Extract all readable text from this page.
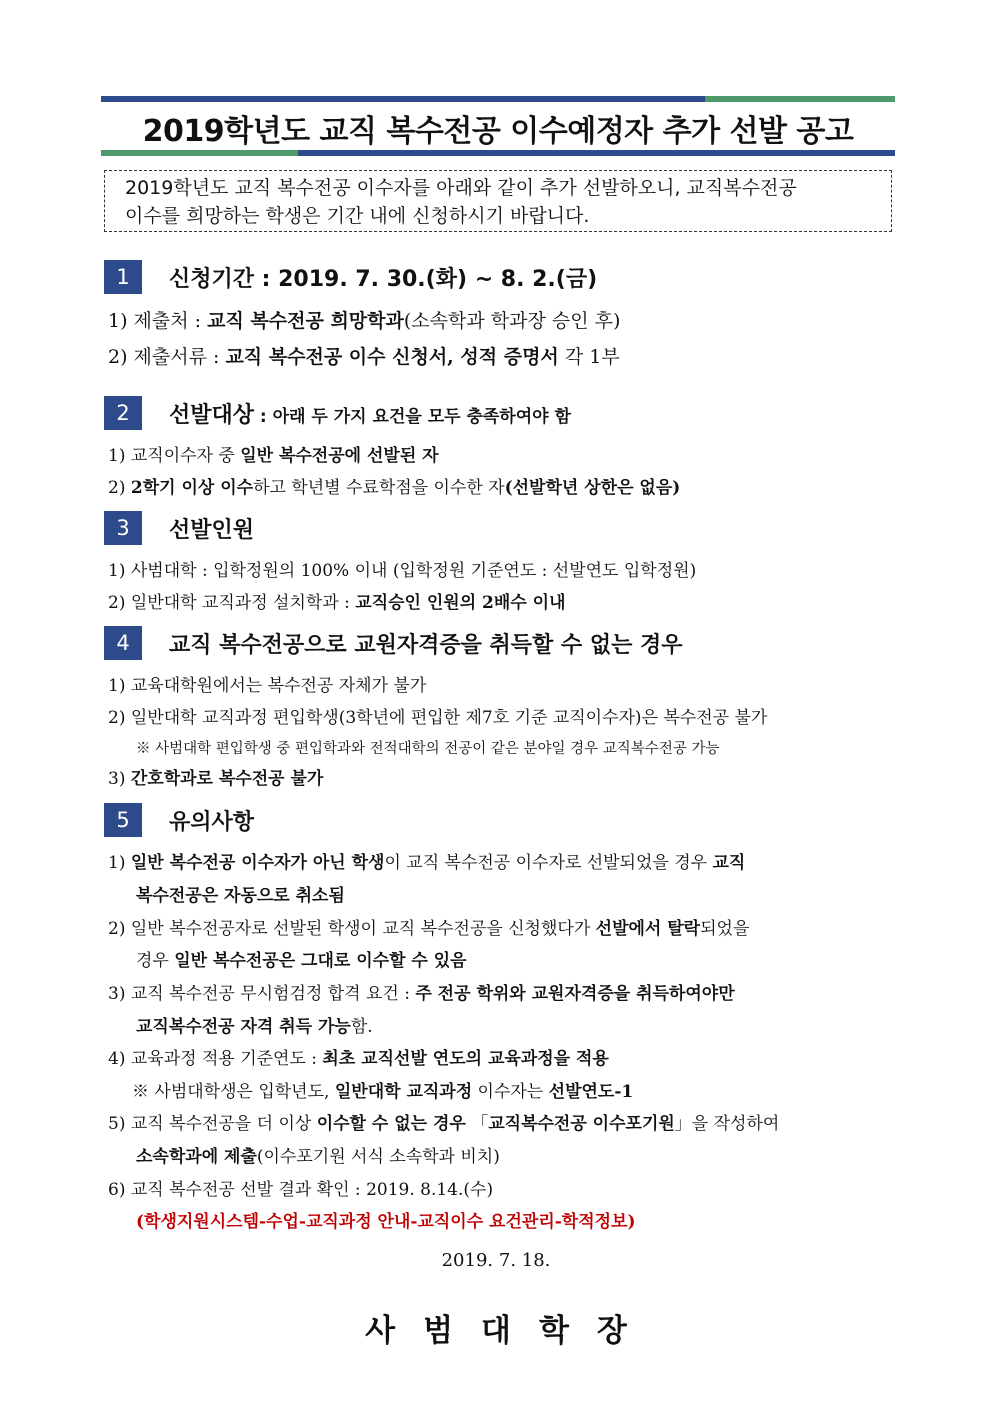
2019학년도 교직 복수전공 이수예정자 추가 선발 공고
2019학년도 교직 복수전공 이수자를 아래와 같이 추가 선발하오니, 교직복수전공
이수를 희망하는 학생은 기간 내에 신청하시기 바랍니다.
1	신청기간 : 2019. 7. 30.(화) ~ 8. 2.(금)
1) 제출처 : 교직 복수전공 희망학과(소속학과 학과장 승인 후)
2) 제출서류 : 교직 복수전공 이수 신청서, 성적 증명서 각 1부
2	선발대상 : 아래 두 가지 요건을 모두 충족하여야 함
1) 교직이수자 중 일반 복수전공에 선발된 자
2) 2학기 이상 이수하고 학년별 수료학점을 이수한 자(선발학년 상한은 없음)
3	선발인원
1) 사범대학 : 입학정원의 100% 이내 (입학정원 기준연도 : 선발연도 입학정원)
2) 일반대학 교직과정 설치학과 : 교직승인 인원의 2배수 이내
4	교직 복수전공으로 교원자격증을 취득할 수 없는 경우
1) 교육대학원에서는 복수전공 자체가 불가
2) 일반대학 교직과정 편입학생(3학년에 편입한 제7호 기준 교직이수자)은 복수전공 불가
※ 사범대학 편입학생 중 편입학과와 전적대학의 전공이 같은 분야일 경우 교직복수전공 가능
3) 간호학과로 복수전공 불가
5	유의사항
1) 일반 복수전공 이수자가 아닌 학생이 교직 복수전공 이수자로 선발되었을 경우 교직
복수전공은 자동으로 취소됨
2) 일반 복수전공자로 선발된 학생이 교직 복수전공을 신청했다가 선발에서 탈락되었을
경우 일반 복수전공은 그대로 이수할 수 있음
3) 교직 복수전공 무시험검정 합격 요건 : 주 전공 학위와 교원자격증을 취득하여야만
교직복수전공 자격 취득 가능함.
4) 교육과정 적용 기준연도 : 최초 교직선발 연도의 교육과정을 적용
※ 사범대학생은 입학년도, 일반대학 교직과정 이수자는 선발연도-1
5) 교직 복수전공을 더 이상 이수할 수 없는 경우 「교직복수전공 이수포기원」을 작성하여
소속학과에 제출(이수포기원 서식 소속학과 비치)
6) 교직 복수전공 선발 결과 확인 : 2019. 8.14.(수)
(학생지원시스템-수업-교직과정 안내-교직이수 요건관리-학적정보)
2019. 7. 18.
사범대학장
